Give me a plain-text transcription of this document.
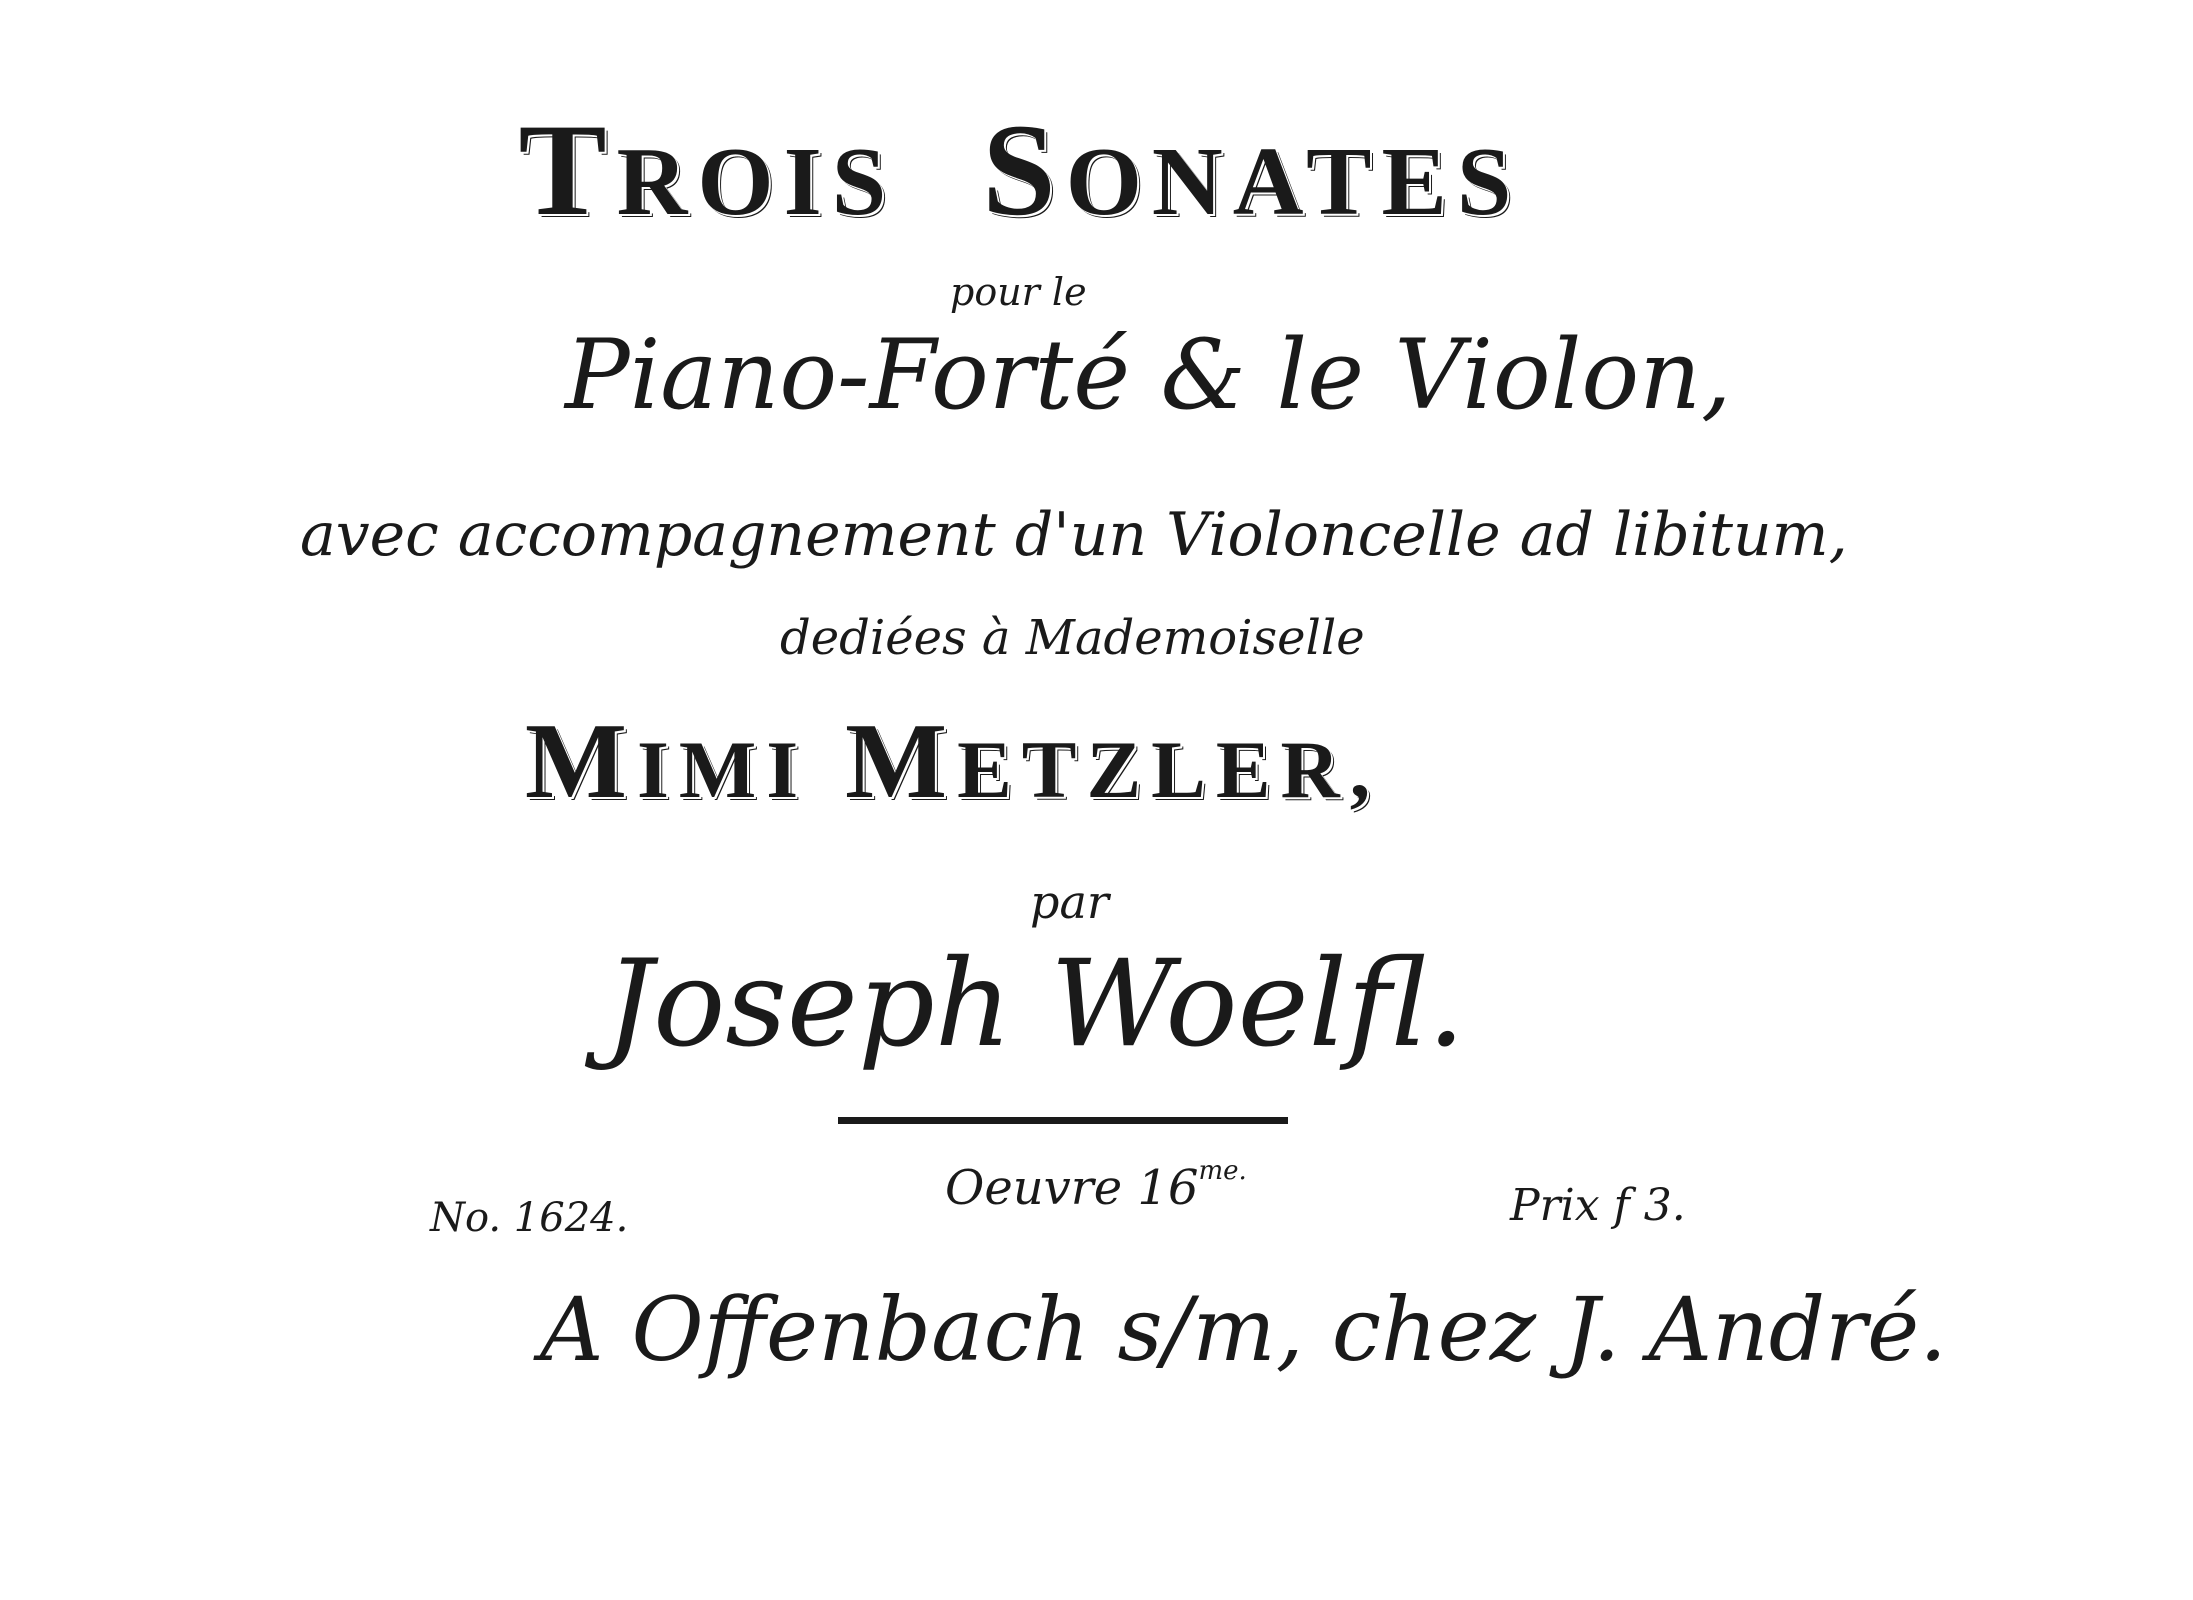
TROIS SONATES
pour le
Piano-Forté & le Violon,
avec accompagnement d'un Violoncelle ad libitum,
dediées à Mademoiselle
MIMI METZLER,
par
Joseph Woelfl.
Oeuvre $16^{me.}$
No. 1624.	Prix f 3.
A Offenbach s/m, chez J. André.
